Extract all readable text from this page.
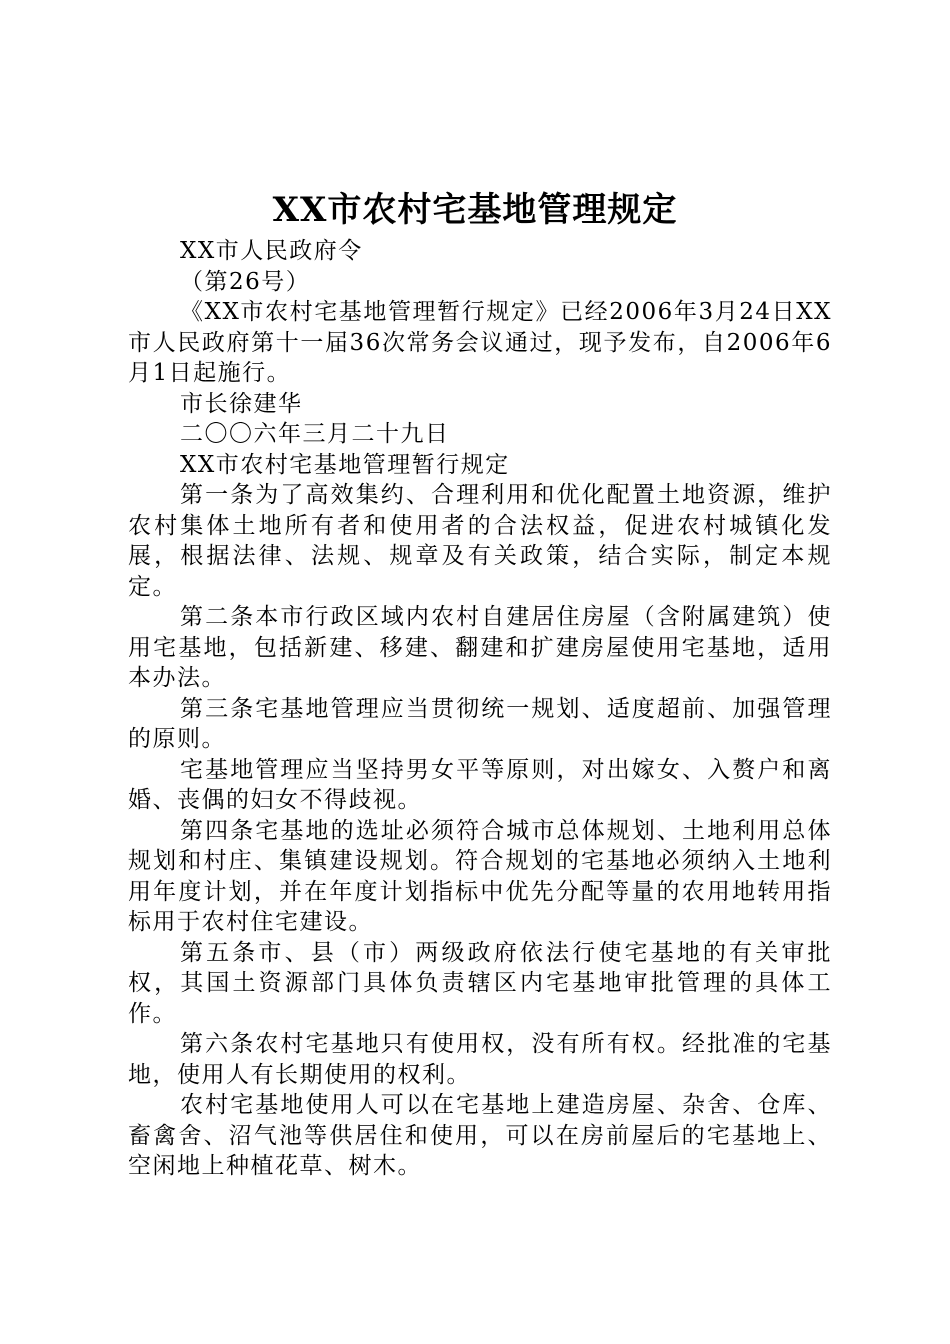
XX市农村宅基地管理规定

XX市人民政府令

（第26号）

《XX市农村宅基地管理暂行规定》已经2006年3月24日XX市人民政府第十一届36次常务会议通过，现予发布，自2006年6月1日起施行。

市长徐建华

二〇〇六年三月二十九日

XX市农村宅基地管理暂行规定

第一条为了高效集约、合理利用和优化配置土地资源，维护农村集体土地所有者和使用者的合法权益，促进农村城镇化发展，根据法律、法规、规章及有关政策，结合实际，制定本规定。

第二条本市行政区域内农村自建居住房屋（含附属建筑）使用宅基地，包括新建、移建、翻建和扩建房屋使用宅基地，适用本办法。

第三条宅基地管理应当贯彻统一规划、适度超前、加强管理的原则。

宅基地管理应当坚持男女平等原则，对出嫁女、入赘户和离婚、丧偶的妇女不得歧视。

第四条宅基地的选址必须符合城市总体规划、土地利用总体规划和村庄、集镇建设规划。符合规划的宅基地必须纳入土地利用年度计划，并在年度计划指标中优先分配等量的农用地转用指标用于农村住宅建设。

第五条市、县（市）两级政府依法行使宅基地的有关审批权，其国土资源部门具体负责辖区内宅基地审批管理的具体工作。

第六条农村宅基地只有使用权，没有所有权。经批准的宅基地，使用人有长期使用的权利。

农村宅基地使用人可以在宅基地上建造房屋、杂舍、仓库、畜禽舍、沼气池等供居住和使用，可以在房前屋后的宅基地上、空闲地上种植花草、树木。
